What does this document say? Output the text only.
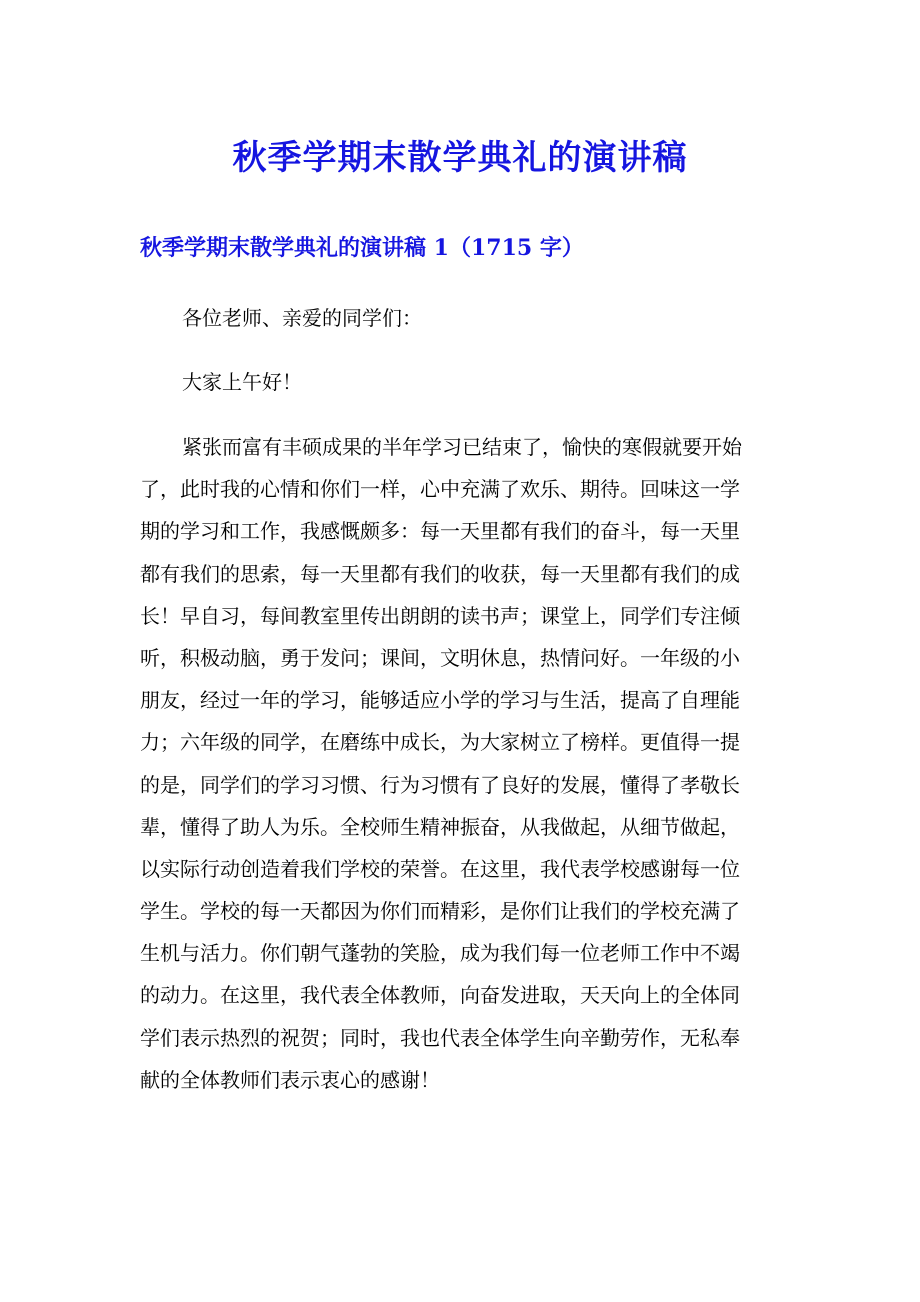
秋季学期末散学典礼的演讲稿
秋季学期末散学典礼的演讲稿 1（1715 字）

各位老师、亲爱的同学们：

大家上午好！

紧张而富有丰硕成果的半年学习已结束了，愉快的寒假就要开始
了，此时我的心情和你们一样，心中充满了欢乐、期待。回味这一学
期的学习和工作，我感慨颇多：每一天里都有我们的奋斗，每一天里
都有我们的思索，每一天里都有我们的收获，每一天里都有我们的成
长！早自习，每间教室里传出朗朗的读书声；课堂上，同学们专注倾
听，积极动脑，勇于发问；课间，文明休息，热情问好。一年级的小
朋友，经过一年的学习，能够适应小学的学习与生活，提高了自理能
力；六年级的同学，在磨练中成长，为大家树立了榜样。更值得一提
的是，同学们的学习习惯、行为习惯有了良好的发展，懂得了孝敬长
辈，懂得了助人为乐。全校师生精神振奋，从我做起，从细节做起，
以实际行动创造着我们学校的荣誉。在这里，我代表学校感谢每一位
学生。学校的每一天都因为你们而精彩，是你们让我们的学校充满了
生机与活力。你们朝气蓬勃的笑脸，成为我们每一位老师工作中不竭
的动力。在这里，我代表全体教师，向奋发进取，天天向上的全体同
学们表示热烈的祝贺；同时，我也代表全体学生向辛勤劳作，无私奉
献的全体教师们表示衷心的感谢！
